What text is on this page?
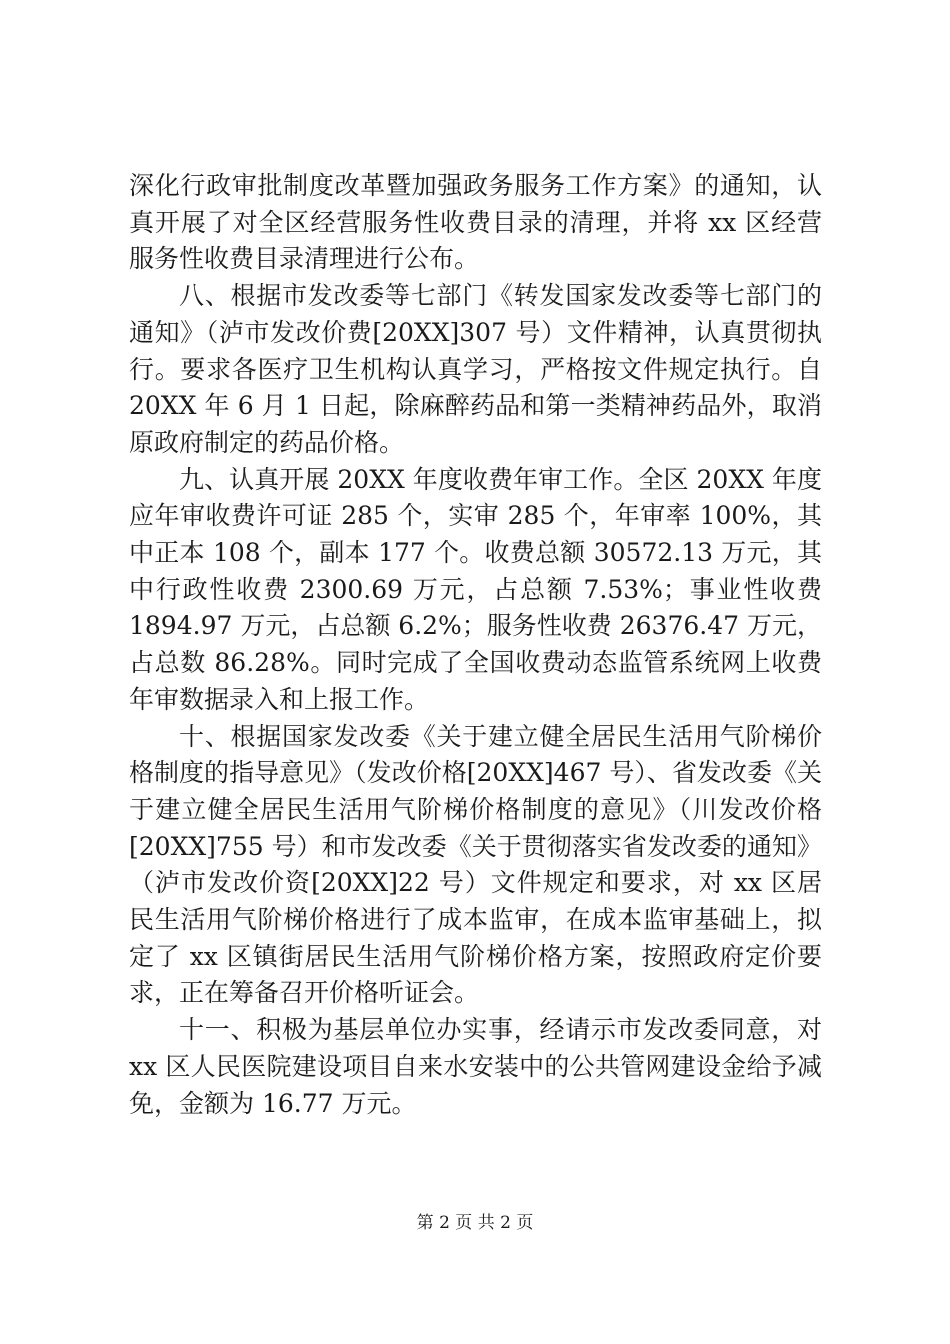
深化行政审批制度改革暨加强政务服务工作方案》的通知，认真开展了对全区经营服务性收费目录的清理，并将 xx 区经营服务性收费目录清理进行公布。

八、根据市发改委等七部门《转发国家发改委等七部门的通知》（泸市发改价费[20XX]307 号）文件精神，认真贯彻执行。要求各医疗卫生机构认真学习，严格按文件规定执行。自 20XX 年 6 月 1 日起，除麻醉药品和第一类精神药品外，取消原政府制定的药品价格。

九、认真开展 20XX 年度收费年审工作。全区 20XX 年度应年审收费许可证 285 个，实审 285 个，年审率 100%，其中正本 108 个，副本 177 个。收费总额 30572.13 万元，其中行政性收费 2300.69 万元，占总额 7.53%；事业性收费 1894.97 万元，占总额 6.2%；服务性收费 26376.47 万元，占总数 86.28%。同时完成了全国收费动态监管系统网上收费年审数据录入和上报工作。

十、根据国家发改委《关于建立健全居民生活用气阶梯价格制度的指导意见》（发改价格[20XX]467 号）、省发改委《关于建立健全居民生活用气阶梯价格制度的意见》（川发改价格[20XX]755 号）和市发改委《关于贯彻落实省发改委的通知》（泸市发改价资[20XX]22 号）文件规定和要求，对 xx 区居民生活用气阶梯价格进行了成本监审，在成本监审基础上，拟定了 xx 区镇街居民生活用气阶梯价格方案，按照政府定价要求，正在筹备召开价格听证会。

十一、积极为基层单位办实事，经请示市发改委同意，对 xx 区人民医院建设项目自来水安装中的公共管网建设金给予减免，金额为 16.77 万元。

第 2 页 共 2 页
